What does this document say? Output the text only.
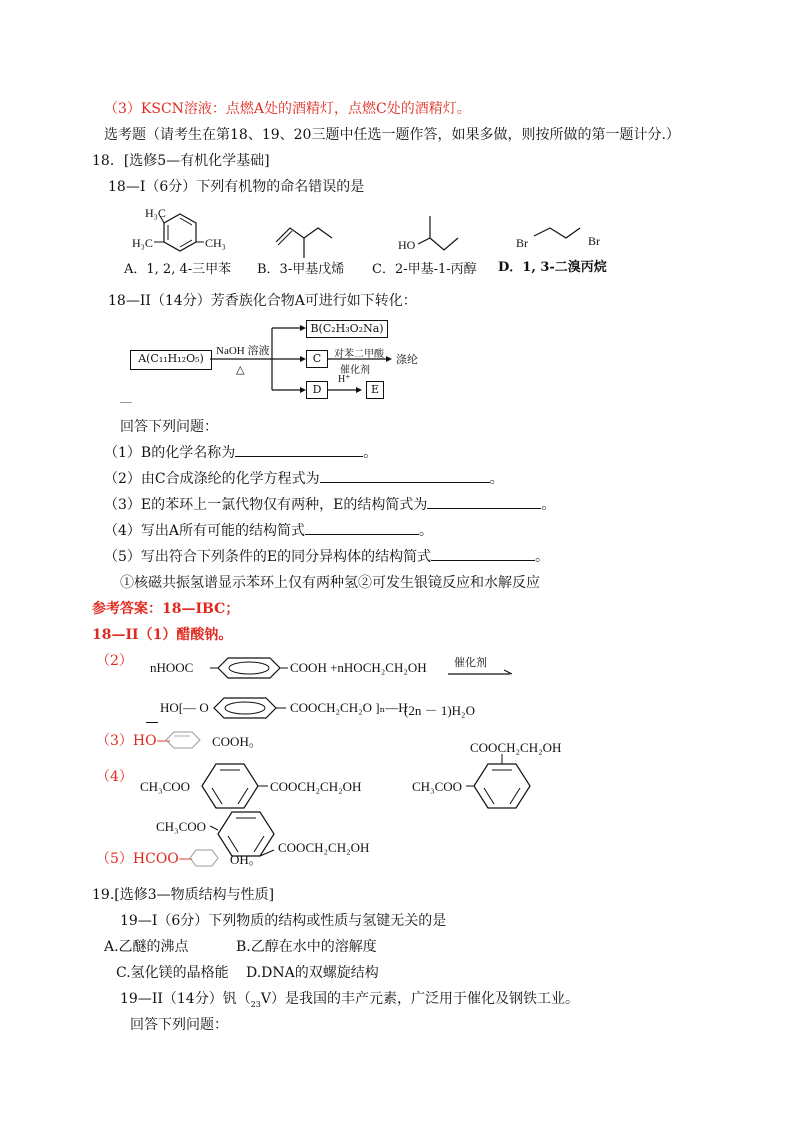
（3）KSCN溶液：点燃A处的酒精灯，点燃C处的酒精灯。
选考题（请考生在第18、19、20三题中任选一题作答，如果多做，则按所做的第一题计分.）
18．[选修5—有机化学基础]
18—I（6分）下列有机物的命名错误的是
H₃C
H₃C	CH₃	HO	Br	Br
A．1, 2, 4-三甲苯 B．3-甲基戊烯 C．2-甲基-1-丙醇 D．1, 3-二溴丙烷
18—II（14分）芳香族化合物A可进行如下转化：
A(C₁₁H₁₂O₅)
NaOH 溶液
△
B(C₂H₃O₂Na)
C	对苯二甲酸
催化剂
涤纶
D
H⁺
E
回答下列问题：
（1）B的化学名称为	。
（2）由C合成涤纶的化学方程式为	。
（3）E的苯环上一氯代物仅有两种，E的结构简式为	。
（4）写出A所有可能的结构简式	。
（5）写出符合下列条件的E的同分异构体的结构简式	。
①核磁共振氢谱显示苯环上仅有两种氢②可发生银镜反应和水解反应
参考答案：18—IBC；
18—II（1）醋酸钠。
（2） nHOOC	COOH +nHOCH₂CH₂OH 催化剂
HO[— O	COOCH₂CH₂O ]ₙ—H
(2n － 1)H₂O
（3）HO—	COOH。
（4）
CH₃COO	COOCH₂CH₂OH
COOCH₂CH₂OH
CH₃COO
CH₃COO
COOCH₂CH₂OH
（5）HCOO—	OH。
19.[选修3—物质结构与性质]
19—I（6分）下列物质的结构或性质与氢键无关的是
A.乙醚的沸点	B.乙醇在水中的溶解度
C.氢化镁的晶格能 D.DNA的双螺旋结构
19—II（14分）钒$(_{23}V)$是我国的丰产元素，广泛用于催化及钢铁工业。
回答下列问题：
